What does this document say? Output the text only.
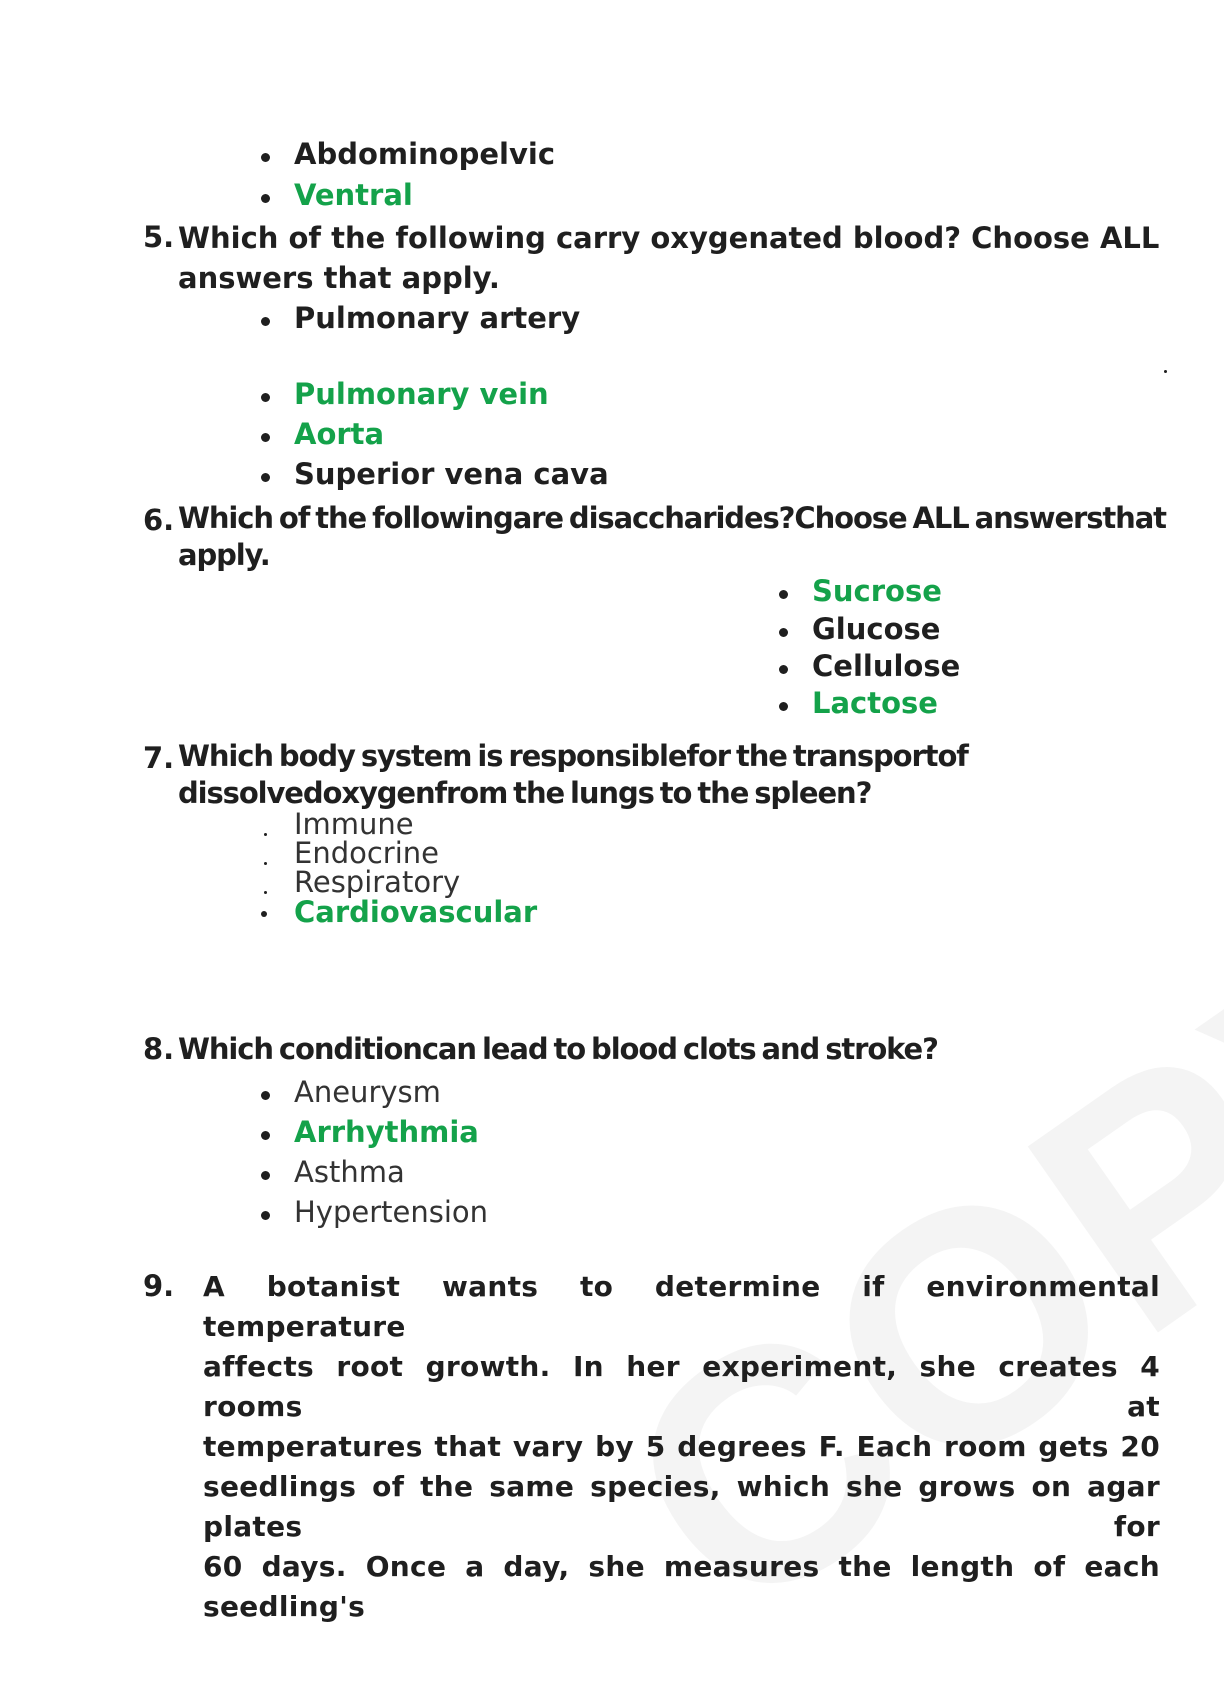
Abdominopelvic
Ventral
5. Which of the following carry oxygenated blood? Choose ALL
answers that apply.
Pulmonary artery
Pulmonary vein
Aorta
Superior vena cava
6. Which of the followingare disaccharides?Choose ALL answersthat
apply.
Sucrose
Glucose
Cellulose
Lactose
7. Which body system is responsiblefor the transportof
dissolvedoxygenfrom the lungs to the spleen?
Immune
Endocrine
Respiratory
Cardiovascular
8. Which conditioncan lead to blood clots and stroke?
Aneurysm
Arrhythmia
Asthma
Hypertension
9. A botanist wants to determine if environmental temperature
affects root growth. In her experiment, she creates 4 rooms at
temperatures that vary by 5 degrees F. Each room gets 20
seedlings of the same species, which she grows on agar plates for
60 days. Once a day, she measures the length of each seedling's
